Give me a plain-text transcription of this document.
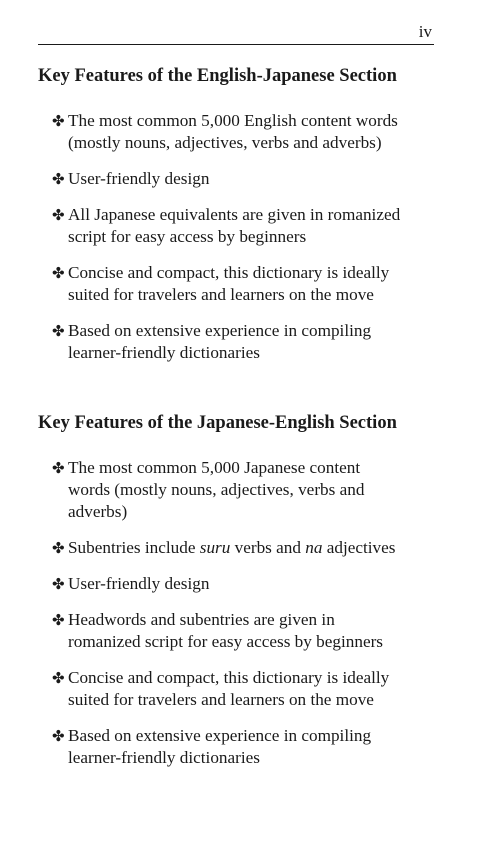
iv
Key Features of the English-Japanese Section
✤ The most common 5,000 English content words
(mostly nouns, adjectives, verbs and adverbs)
✤ User-friendly design
✤ All Japanese equivalents are given in romanized
script for easy access by beginners
✤ Concise and compact, this dictionary is ideally
suited for travelers and learners on the move
✤ Based on extensive experience in compiling
learner-friendly dictionaries
Key Features of the Japanese-English Section
✤ The most common 5,000 Japanese content
words (mostly nouns, adjectives, verbs and
adverbs)
✤ Subentries include suru verbs and na adjectives
✤ User-friendly design
✤ Headwords and subentries are given in
romanized script for easy access by beginners
✤ Concise and compact, this dictionary is ideally
suited for travelers and learners on the move
✤ Based on extensive experience in compiling
learner-friendly dictionaries
